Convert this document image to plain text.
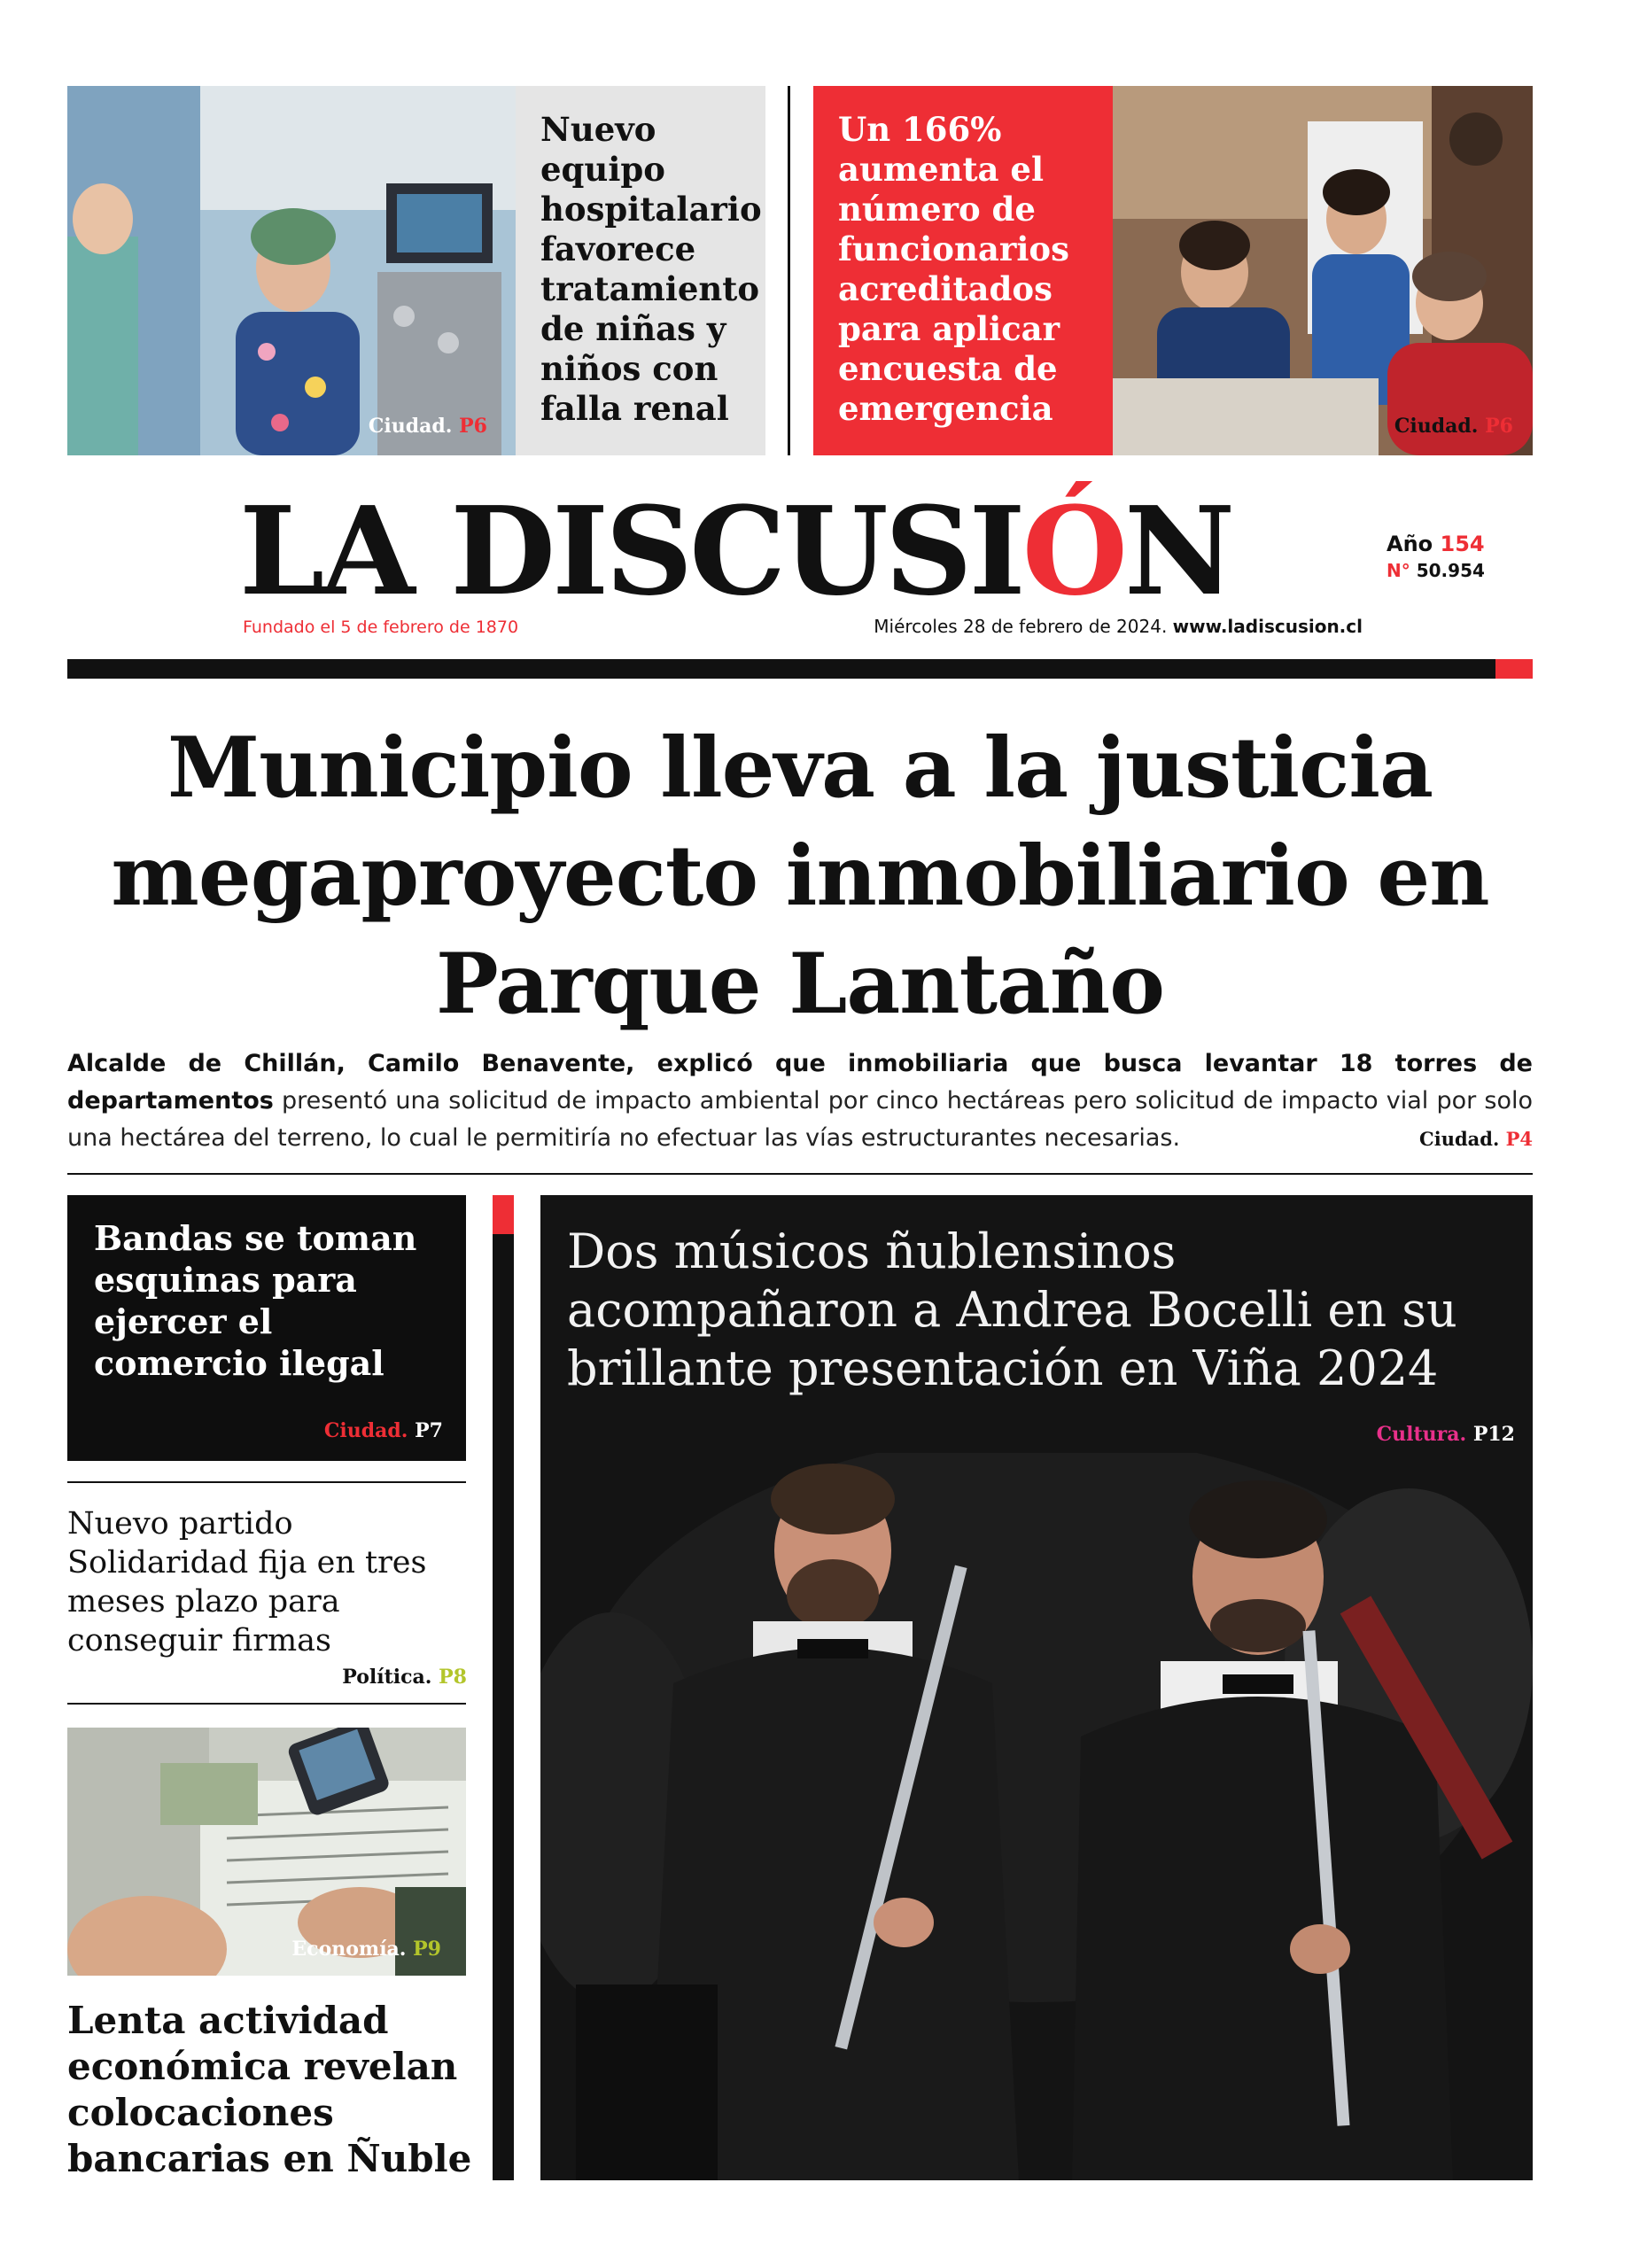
Ciudad. P6
Nuevo equipo hospitalario favorece tratamiento de niñas y niños con falla renal
Un 166% aumenta el número de funcionarios acreditados para aplicar encuesta de emergencia	Ciudad. P6
LA DISCUSIÓN	Año 154
N° 50.954
Fundado el 5 de febrero de 1870	Miércoles 28 de febrero de 2024. www.ladiscusion.cl
Municipio lleva a la justicia megaproyecto inmobiliario en Parque Lantaño
Alcalde de Chillán, Camilo Benavente, explicó que inmobiliaria que busca levantar 18 torres de departamentos presentó una solicitud de impacto ambiental por cinco hectáreas pero solicitud de impacto vial por solo una hectárea del terreno, lo cual le permitiría no efectuar las vías estructurantes necesarias.	Ciudad. P4
Bandas se toman esquinas para ejercer el comercio ilegal
Ciudad. P7
Nuevo partido Solidaridad fija en tres meses plazo para conseguir firmas
Política. P8
Economía. P9
Lenta actividad económica revelan colocaciones bancarias en Ñuble
Dos músicos ñublensinos acompañaron a Andrea Bocelli en su brillante presentación en Viña 2024
Cultura. P12
